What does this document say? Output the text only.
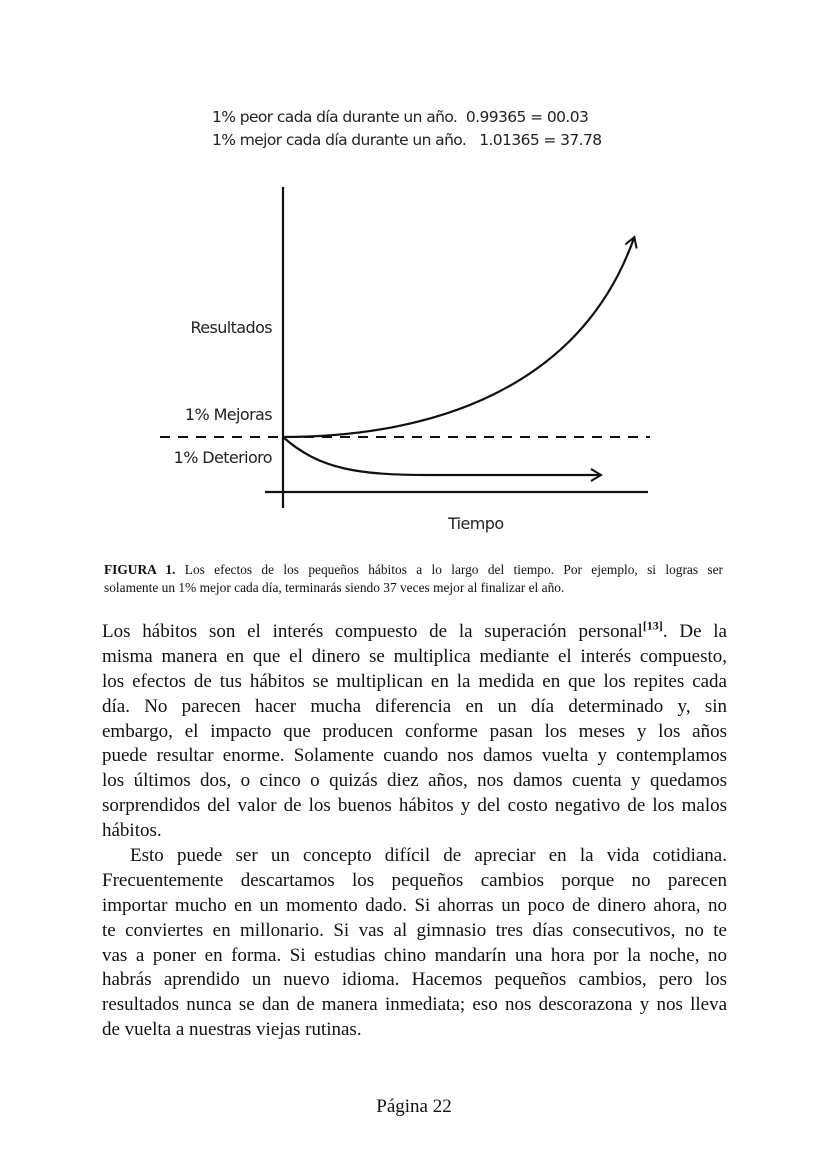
1% peor cada día durante un año.  0.99365 = 00.03
1% mejor cada día durante un año.   1.01365 = 37.78
Resultados
1% Mejoras
1% Deterioro
Tiempo
FIGURA 1. Los efectos de los pequeños hábitos a lo largo del tiempo. Por ejemplo, si logras ser
solamente un 1% mejor cada día, terminarás siendo 37 veces mejor al finalizar el año.
Los hábitos son el interés compuesto de la superación personal[13]. De la
misma manera en que el dinero se multiplica mediante el interés compuesto,
los efectos de tus hábitos se multiplican en la medida en que los repites cada
día. No parecen hacer mucha diferencia en un día determinado y, sin
embargo, el impacto que producen conforme pasan los meses y los años
puede resultar enorme. Solamente cuando nos damos vuelta y contemplamos
los últimos dos, o cinco o quizás diez años, nos damos cuenta y quedamos
sorprendidos del valor de los buenos hábitos y del costo negativo de los malos
hábitos.
Esto puede ser un concepto difícil de apreciar en la vida cotidiana.
Frecuentemente descartamos los pequeños cambios porque no parecen
importar mucho en un momento dado. Si ahorras un poco de dinero ahora, no
te conviertes en millonario. Si vas al gimnasio tres días consecutivos, no te
vas a poner en forma. Si estudias chino mandarín una hora por la noche, no
habrás aprendido un nuevo idioma. Hacemos pequeños cambios, pero los
resultados nunca se dan de manera inmediata; eso nos descorazona y nos lleva
de vuelta a nuestras viejas rutinas.
Página 22
